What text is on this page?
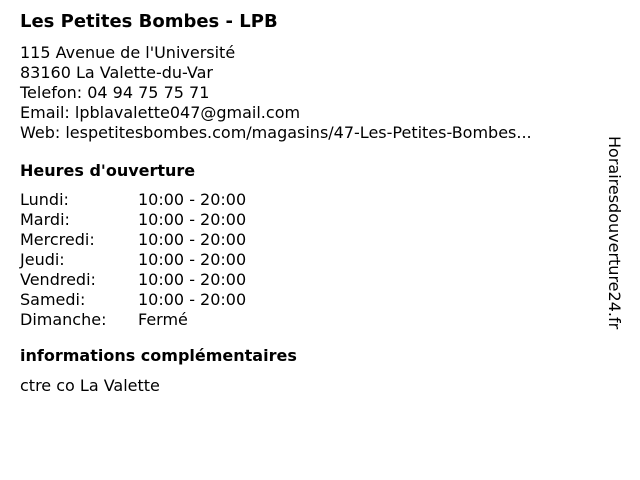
Les Petites Bombes - LPB
115 Avenue de l'Université
83160 La Valette-du-Var
Telefon: 04 94 75 75 71
Email: lpblavalette047@gmail.com
Web: lespetitesbombes.com/magasins/47-Les-Petites-Bombes...
Heures d'ouverture
Lundi:	10:00 - 20:00
Mardi:	10:00 - 20:00
Mercredi:	10:00 - 20:00
Jeudi:	10:00 - 20:00
Vendredi:	10:00 - 20:00
Samedi:	10:00 - 20:00
Dimanche:	Fermé
informations complémentaires
ctre co La Valette
Horairesdouverture24.fr
